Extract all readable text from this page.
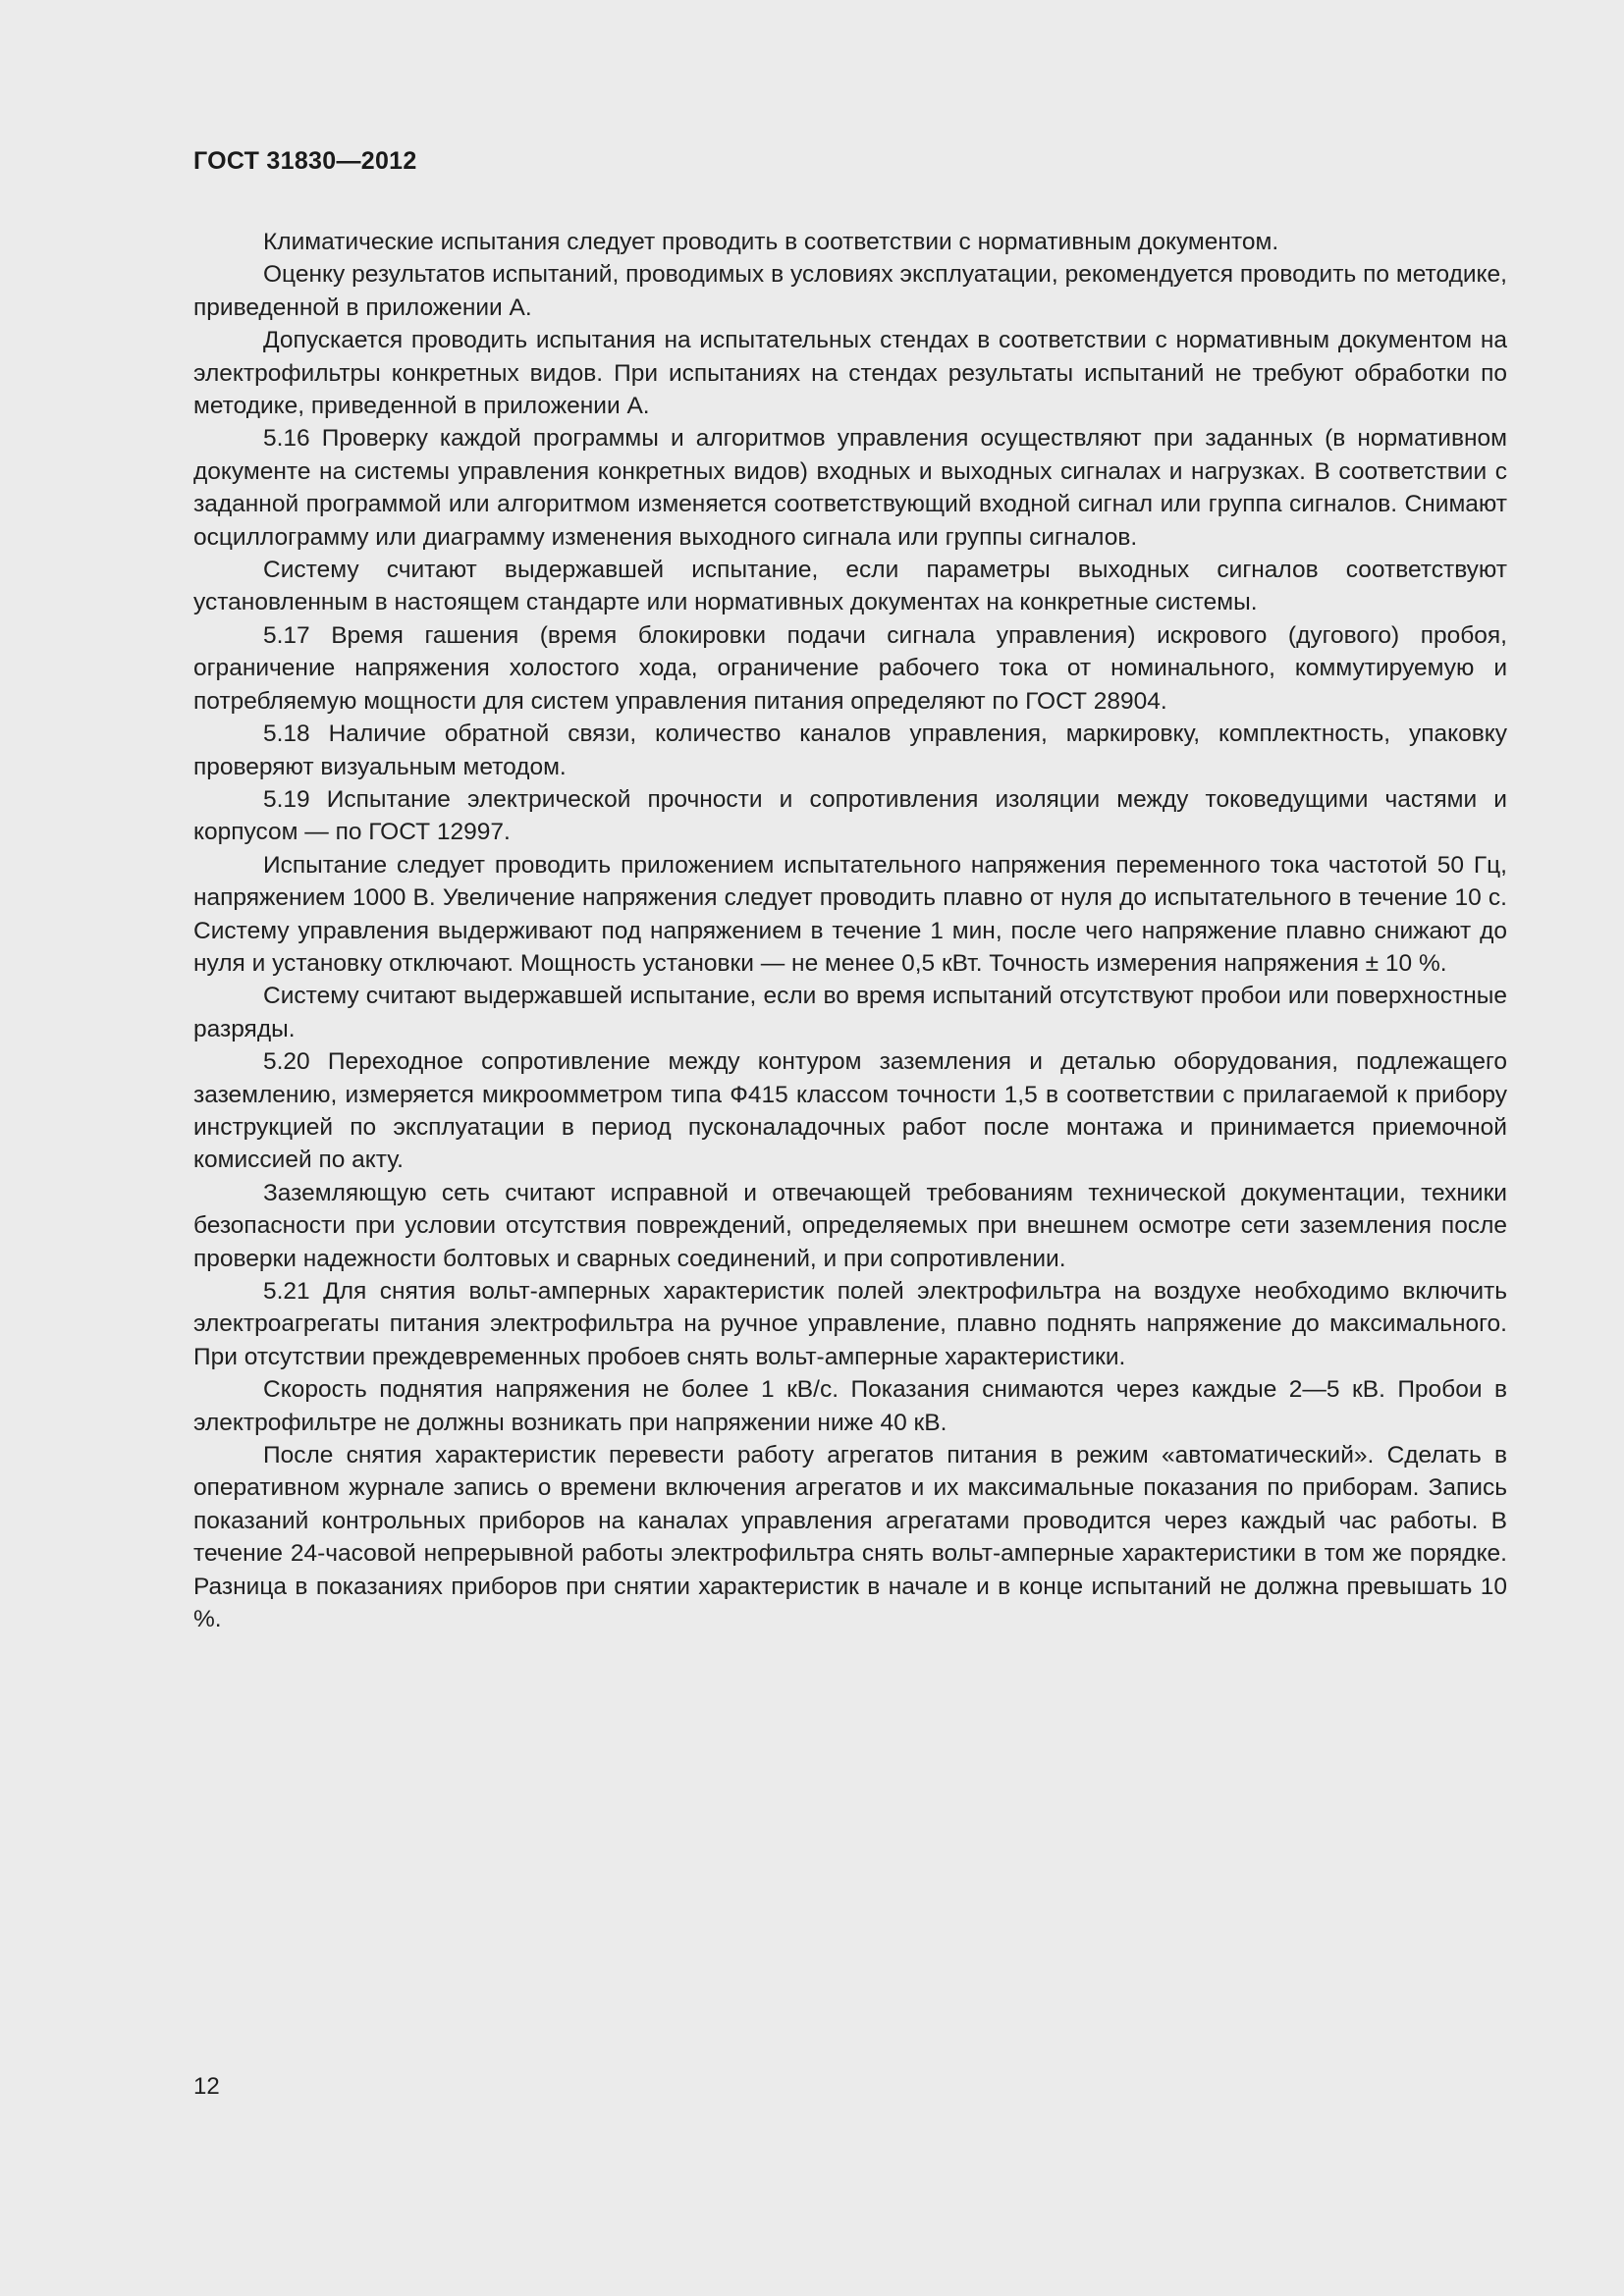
ГОСТ 31830—2012

Климатические испытания следует проводить в соответствии с нормативным документом.

Оценку результатов испытаний, проводимых в условиях эксплуатации, рекомендуется проводить по методике, приведенной в приложении А.

Допускается проводить испытания на испытательных стендах в соответствии с нормативным документом на электрофильтры конкретных видов. При испытаниях на стендах результаты испытаний не требуют обработки по методике, приведенной в приложении А.

5.16 Проверку каждой программы и алгоритмов управления осуществляют при заданных (в нормативном документе на системы управления конкретных видов) входных и выходных сигналах и нагрузках. В соответствии с заданной программой или алгоритмом изменяется соответствующий входной сигнал или группа сигналов. Снимают осциллограмму или диаграмму изменения выходного сигнала или группы сигналов.

Систему считают выдержавшей испытание, если параметры выходных сигналов соответствуют установленным в настоящем стандарте или нормативных документах на конкретные системы.

5.17 Время гашения (время блокировки подачи сигнала управления) искрового (дугового) пробоя, ограничение напряжения холостого хода, ограничение рабочего тока от номинального, коммутируемую и потребляемую мощности для систем управления питания определяют по ГОСТ 28904.

5.18 Наличие обратной связи, количество каналов управления, маркировку, комплектность, упаковку проверяют визуальным методом.

5.19 Испытание электрической прочности и сопротивления изоляции между токоведущими частями и корпусом — по ГОСТ 12997.

Испытание следует проводить приложением испытательного напряжения переменного тока частотой 50 Гц, напряжением 1000 В. Увеличение напряжения следует проводить плавно от нуля до испытательного в течение 10 с. Систему управления выдерживают под напряжением в течение 1 мин, после чего напряжение плавно снижают до нуля и установку отключают. Мощность установки — не менее 0,5 кВт. Точность измерения напряжения ± 10 %.

Систему считают выдержавшей испытание, если во время испытаний отсутствуют пробои или поверхностные разряды.

5.20 Переходное сопротивление между контуром заземления и деталью оборудования, подлежащего заземлению, измеряется микроомметром типа Ф415 классом точности 1,5 в соответствии с прилагаемой к прибору инструкцией по эксплуатации в период пусконаладочных работ после монтажа и принимается приемочной комиссией по акту.

Заземляющую сеть считают исправной и отвечающей требованиям технической документации, техники безопасности при условии отсутствия повреждений, определяемых при внешнем осмотре сети заземления после проверки надежности болтовых и сварных соединений, и при сопротивлении.

5.21 Для снятия вольт-амперных характеристик полей электрофильтра на воздухе необходимо включить электроагрегаты питания электрофильтра на ручное управление, плавно поднять напряжение до максимального. При отсутствии преждевременных пробоев снять вольт-амперные характеристики.

Скорость поднятия напряжения не более 1 кВ/с. Показания снимаются через каждые 2—5 кВ. Пробои в электрофильтре не должны возникать при напряжении ниже 40 кВ.

После снятия характеристик перевести работу агрегатов питания в режим «автоматический». Сделать в оперативном журнале запись о времени включения агрегатов и их максимальные показания по приборам. Запись показаний контрольных приборов на каналах управления агрегатами проводится через каждый час работы. В течение 24-часовой непрерывной работы электрофильтра снять вольт-амперные характеристики в том же порядке. Разница в показаниях приборов при снятии характеристик в начале и в конце испытаний не должна превышать 10 %.

12
